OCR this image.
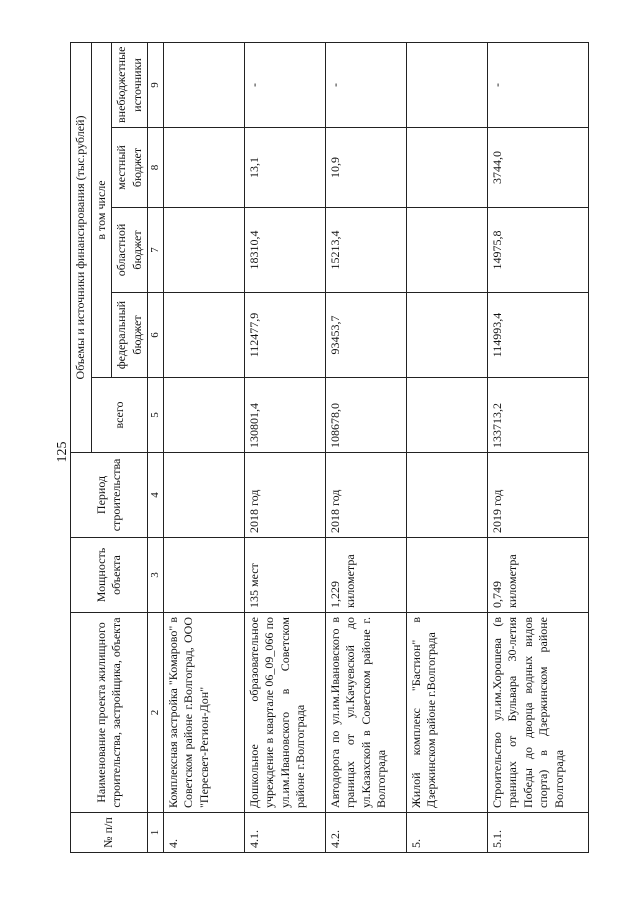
125
№ п/п	Наименование проекта жилищного строительства, застройщика, объекта	Мощность объекта	Период строительства	Объемы и источники финансирования (тыс.рублей)				
				всего	в том числе			
					федеральный бюджет	областной бюджет	местный бюджет	внебюджетные источники
1	2	3	4	5	6	7	8	9
4.	Комплексная застройка "Комарово" в Советском районе г.Волгоград, ООО "Пересвет-Регион-Дон"							
4.1.	Дошкольное образовательное учреждение в квартале 06_09_066 по ул.им.Ивановского в Советском районе г.Волгограда	135 мест	2018 год	130801,4	112477,9	18310,4	13,1	-
4.2.	Автодорога по ул.им.Ивановского в границах от ул.Качуевской до ул.Казахской в Советском районе г. Волгограда	1,229 километра	2018 год	108678,0	93453,7	15213,4	10,9	-
5.	Жилой комплекс "Бастион" в Дзержинском районе г.Волгограда							
5.1.	Строительство ул.им.Хорошева (в границах от Бульвара 30-летия Победы до дворца водных видов спорта) в Дзержинском районе Волгограда	0,749 километра	2019 год	133713,2	114993,4	14975,8	3744,0	-
